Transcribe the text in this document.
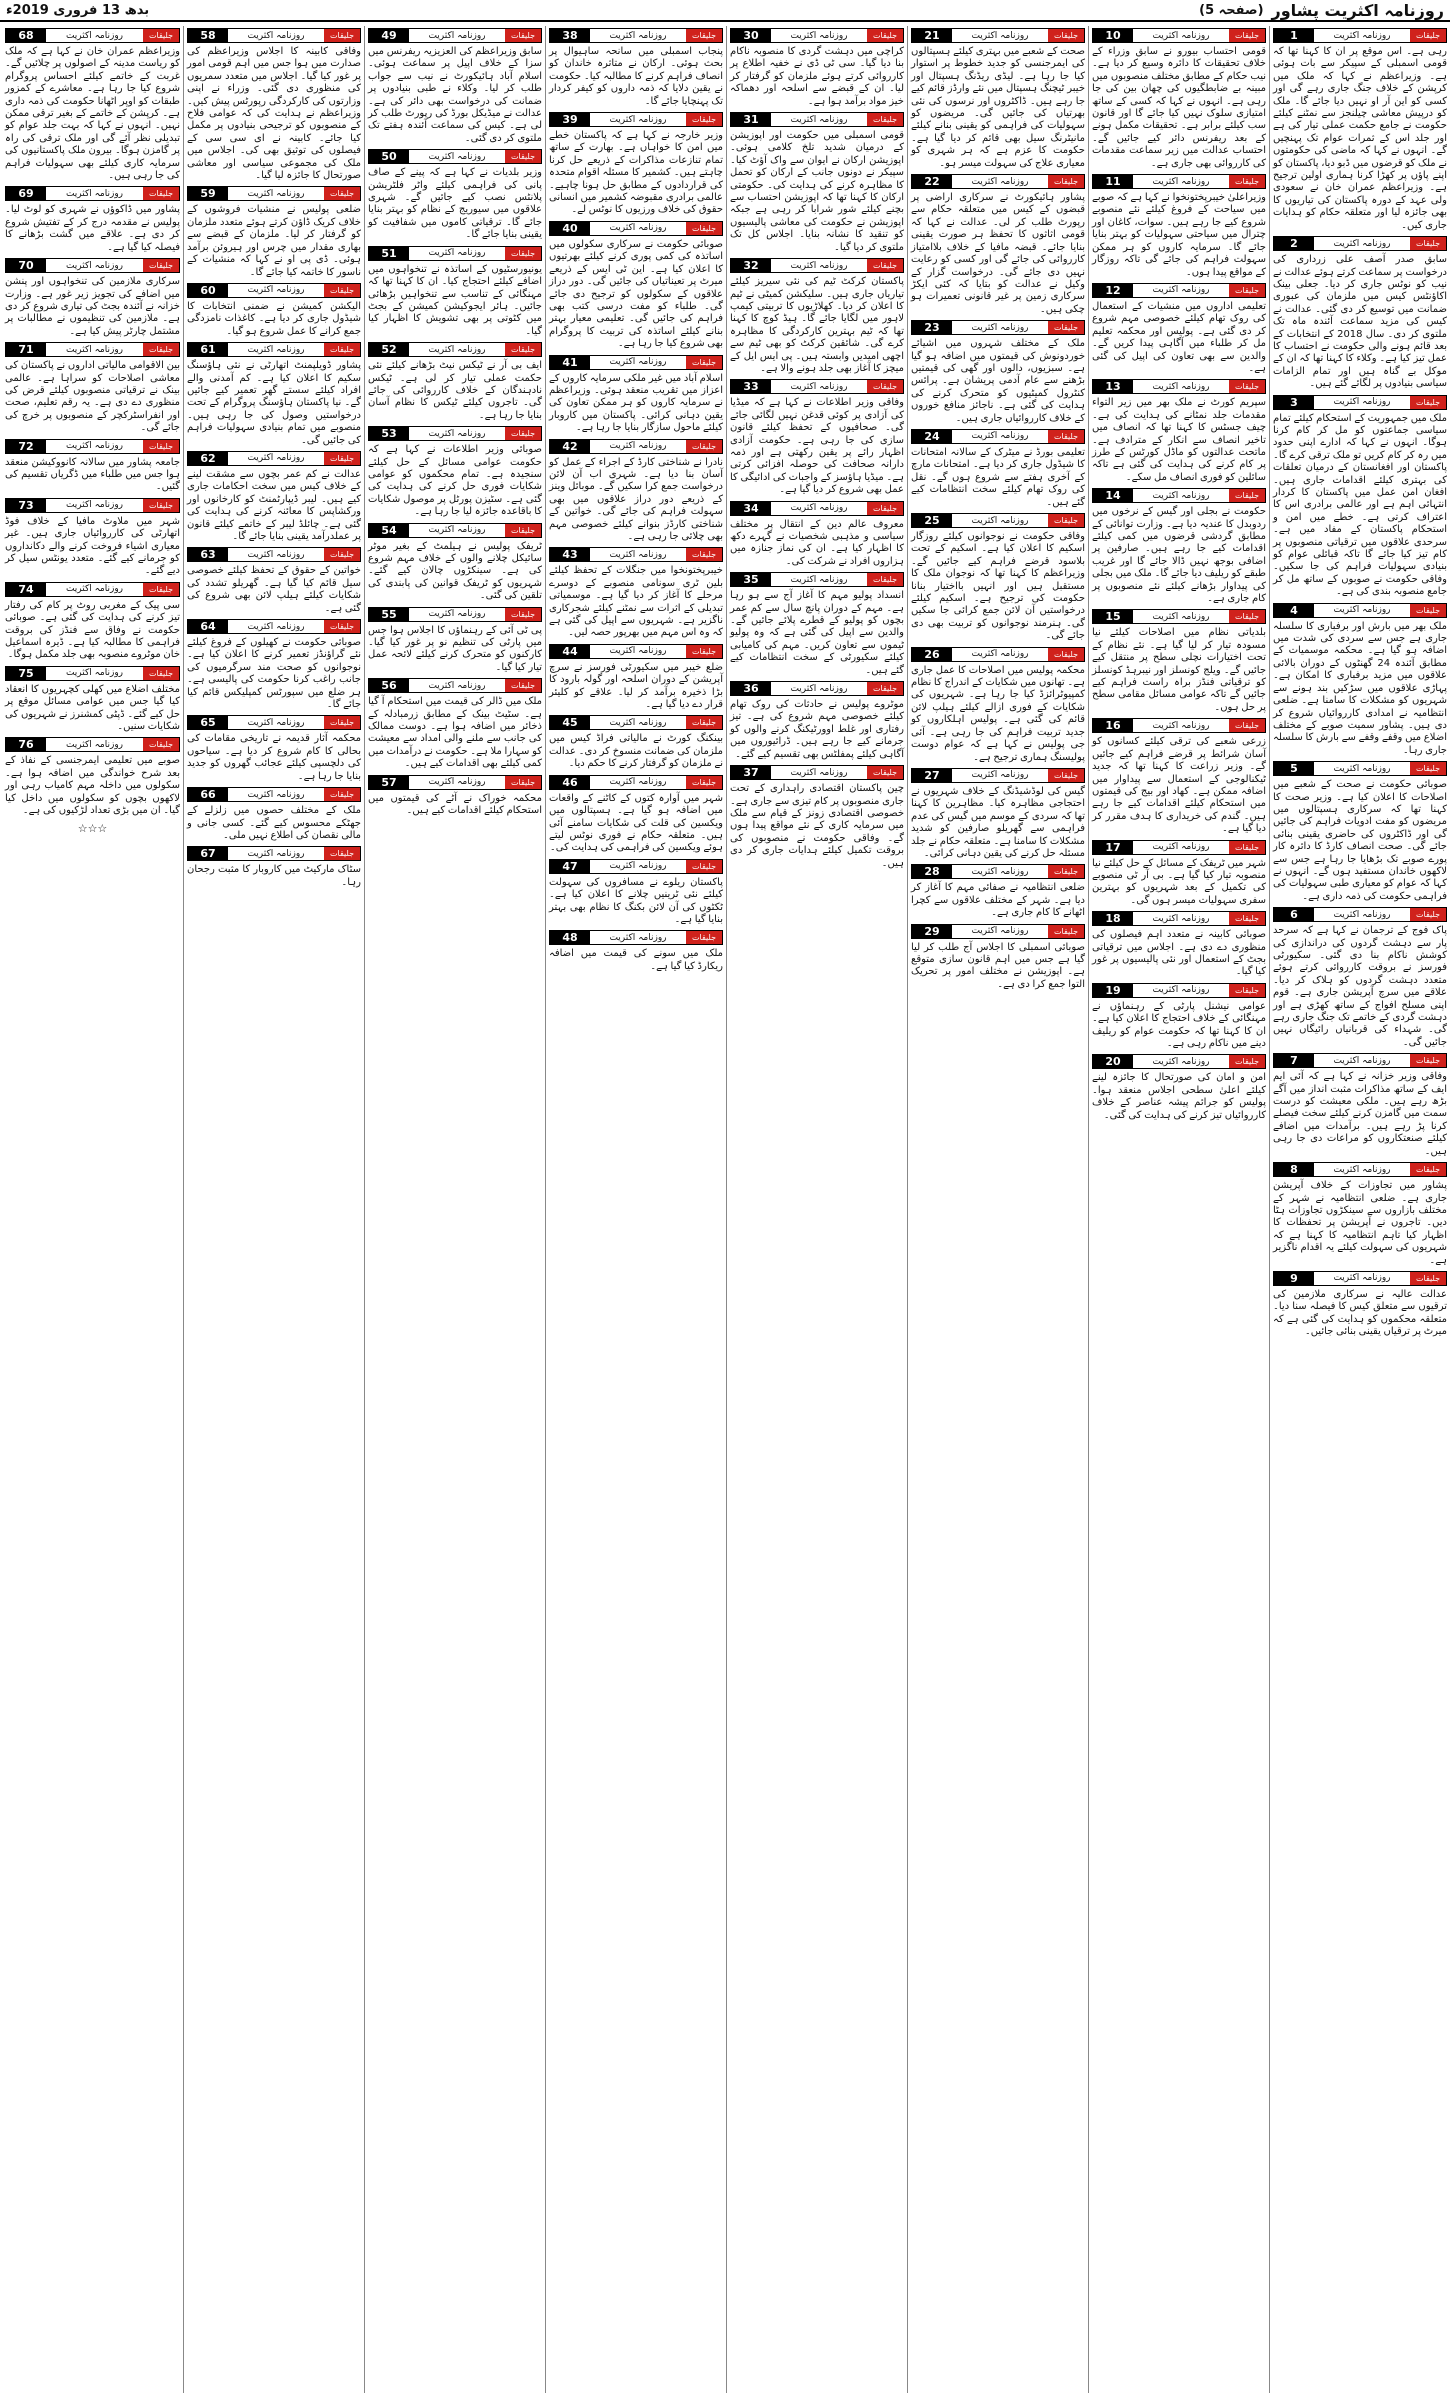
روزنامہ اکثریت پشاور
(صفحہ 5)
بدھ 13 فروری 2019ء
جلیقات
روزنامہ اکثریت
1
رہی ہے۔ اس موقع پر ان کا کہنا تھا کہ قومی اسمبلی کے سپیکر سے بات ہوئی ہے۔ وزیراعظم نے کہا کہ ملک میں کرپشن کے خلاف جنگ جاری رہے گی اور کسی کو این آر او نہیں دیا جائے گا۔ ملک کو درپیش معاشی چیلنجز سے نمٹنے کیلئے حکومت نے جامع حکمت عملی تیار کی ہے اور جلد اس کے ثمرات عوام تک پہنچیں گے۔ انہوں نے کہا کہ ماضی کی حکومتوں نے ملک کو قرضوں میں ڈبو دیا، پاکستان کو اپنے پاؤں پر کھڑا کرنا ہماری اولین ترجیح ہے۔ وزیراعظم عمران خان نے سعودی ولی عہد کے دورہ پاکستان کی تیاریوں کا بھی جائزہ لیا اور متعلقہ حکام کو ہدایات جاری کیں۔
جلیقات
روزنامہ اکثریت
2
سابق صدر آصف علی زرداری کی درخواست پر سماعت کرتے ہوئے عدالت نے نیب کو نوٹس جاری کر دیا۔ جعلی بینک اکاؤنٹس کیس میں ملزمان کی عبوری ضمانت میں توسیع کر دی گئی۔ عدالت نے کیس کی مزید سماعت آئندہ ماہ تک ملتوی کر دی۔ سال 2018 کے انتخابات کے بعد قائم ہونے والی حکومت نے احتساب کا عمل تیز کیا ہے۔ وکلاء کا کہنا تھا کہ ان کے موکل بے گناہ ہیں اور تمام الزامات سیاسی بنیادوں پر لگائے گئے ہیں۔
جلیقات
روزنامہ اکثریت
3
ملک میں جمہوریت کے استحکام کیلئے تمام سیاسی جماعتوں کو مل کر کام کرنا ہوگا۔ انہوں نے کہا کہ ادارے اپنی حدود میں رہ کر کام کریں تو ملک ترقی کرے گا۔ پاکستان اور افغانستان کے درمیان تعلقات کی بہتری کیلئے اقدامات جاری ہیں۔ افغان امن عمل میں پاکستان کا کردار انتہائی اہم ہے اور عالمی برادری اس کا اعتراف کرتی ہے۔ خطے میں امن و استحکام پاکستان کے مفاد میں ہے۔ سرحدی علاقوں میں ترقیاتی منصوبوں پر کام تیز کیا جائے گا تاکہ قبائلی عوام کو بنیادی سہولیات فراہم کی جا سکیں۔ وفاقی حکومت نے صوبوں کے ساتھ مل کر جامع منصوبہ بندی کی ہے۔
جلیقات
روزنامہ اکثریت
4
ملک بھر میں بارش اور برفباری کا سلسلہ جاری ہے جس سے سردی کی شدت میں اضافہ ہو گیا ہے۔ محکمہ موسمیات کے مطابق آئندہ 24 گھنٹوں کے دوران بالائی علاقوں میں مزید برفباری کا امکان ہے۔ پہاڑی علاقوں میں سڑکیں بند ہونے سے شہریوں کو مشکلات کا سامنا ہے۔ ضلعی انتظامیہ نے امدادی کارروائیاں شروع کر دی ہیں۔ پشاور سمیت صوبے کے مختلف اضلاع میں وقفے وقفے سے بارش کا سلسلہ جاری رہا۔
جلیقات
روزنامہ اکثریت
5
صوبائی حکومت نے صحت کے شعبے میں اصلاحات کا اعلان کیا ہے۔ وزیر صحت کا کہنا تھا کہ سرکاری ہسپتالوں میں مریضوں کو مفت ادویات فراہم کی جائیں گی اور ڈاکٹروں کی حاضری یقینی بنائی جائے گی۔ صحت انصاف کارڈ کا دائرہ کار پورے صوبے تک بڑھایا جا رہا ہے جس سے لاکھوں خاندان مستفید ہوں گے۔ انہوں نے کہا کہ عوام کو معیاری طبی سہولیات کی فراہمی حکومت کی ذمہ داری ہے۔
جلیقات
روزنامہ اکثریت
6
پاک فوج کے ترجمان نے کہا ہے کہ سرحد پار سے دہشت گردوں کی دراندازی کی کوشش ناکام بنا دی گئی۔ سکیورٹی فورسز نے بروقت کارروائی کرتے ہوئے متعدد دہشت گردوں کو ہلاک کر دیا۔ علاقے میں سرچ آپریشن جاری ہے۔ قوم اپنی مسلح افواج کے ساتھ کھڑی ہے اور دہشت گردی کے خاتمے تک جنگ جاری رہے گی۔ شہداء کی قربانیاں رائیگاں نہیں جائیں گی۔
جلیقات
روزنامہ اکثریت
7
وفاقی وزیر خزانہ نے کہا ہے کہ آئی ایم ایف کے ساتھ مذاکرات مثبت انداز میں آگے بڑھ رہے ہیں۔ ملکی معیشت کو درست سمت میں گامزن کرنے کیلئے سخت فیصلے کرنا پڑ رہے ہیں۔ برآمدات میں اضافے کیلئے صنعتکاروں کو مراعات دی جا رہی ہیں۔
جلیقات
روزنامہ اکثریت
8
پشاور میں تجاوزات کے خلاف آپریشن جاری ہے۔ ضلعی انتظامیہ نے شہر کے مختلف بازاروں سے سینکڑوں تجاوزات ہٹا دیں۔ تاجروں نے آپریشن پر تحفظات کا اظہار کیا تاہم انتظامیہ کا کہنا ہے کہ شہریوں کی سہولت کیلئے یہ اقدام ناگزیر ہے۔
جلیقات
روزنامہ اکثریت
9
عدالت عالیہ نے سرکاری ملازمین کی ترقیوں سے متعلق کیس کا فیصلہ سنا دیا۔ متعلقہ محکموں کو ہدایت کی گئی ہے کہ میرٹ پر ترقیاں یقینی بنائی جائیں۔
جلیقات
روزنامہ اکثریت
10
قومی احتساب بیورو نے سابق وزراء کے خلاف تحقیقات کا دائرہ وسیع کر دیا ہے۔ نیب حکام کے مطابق مختلف منصوبوں میں مبینہ بے ضابطگیوں کی چھان بین کی جا رہی ہے۔ انہوں نے کہا کہ کسی کے ساتھ امتیازی سلوک نہیں کیا جائے گا اور قانون سب کیلئے برابر ہے۔ تحقیقات مکمل ہونے کے بعد ریفرنس دائر کیے جائیں گے۔ احتساب عدالت میں زیر سماعت مقدمات کی کارروائی بھی جاری ہے۔
جلیقات
روزنامہ اکثریت
11
وزیراعلیٰ خیبرپختونخوا نے کہا ہے کہ صوبے میں سیاحت کے فروغ کیلئے نئے منصوبے شروع کیے جا رہے ہیں۔ سوات، کاغان اور چترال میں سیاحتی سہولیات کو بہتر بنایا جائے گا۔ سرمایہ کاروں کو ہر ممکن سہولت فراہم کی جائے گی تاکہ روزگار کے مواقع پیدا ہوں۔
جلیقات
روزنامہ اکثریت
12
تعلیمی اداروں میں منشیات کے استعمال کی روک تھام کیلئے خصوصی مہم شروع کر دی گئی ہے۔ پولیس اور محکمہ تعلیم مل کر طلباء میں آگاہی پیدا کریں گے۔ والدین سے بھی تعاون کی اپیل کی گئی ہے۔
جلیقات
روزنامہ اکثریت
13
سپریم کورٹ نے ملک بھر میں زیر التواء مقدمات جلد نمٹانے کی ہدایت کی ہے۔ چیف جسٹس کا کہنا تھا کہ انصاف میں تاخیر انصاف سے انکار کے مترادف ہے۔ ماتحت عدالتوں کو ماڈل کورٹس کے طرز پر کام کرنے کی ہدایت کی گئی ہے تاکہ سائلین کو فوری انصاف مل سکے۔
جلیقات
روزنامہ اکثریت
14
حکومت نے بجلی اور گیس کے نرخوں میں ردوبدل کا عندیہ دیا ہے۔ وزارت توانائی کے مطابق گردشی قرضوں میں کمی کیلئے اقدامات کیے جا رہے ہیں۔ صارفین پر اضافی بوجھ نہیں ڈالا جائے گا اور غریب طبقے کو ریلیف دیا جائے گا۔ ملک میں بجلی کی پیداوار بڑھانے کیلئے نئے منصوبوں پر کام جاری ہے۔
جلیقات
روزنامہ اکثریت
15
بلدیاتی نظام میں اصلاحات کیلئے نیا مسودہ تیار کر لیا گیا ہے۔ نئے نظام کے تحت اختیارات نچلی سطح پر منتقل کیے جائیں گے۔ ویلج کونسلز اور نیبرہڈ کونسلز کو ترقیاتی فنڈز براہ راست فراہم کیے جائیں گے تاکہ عوامی مسائل مقامی سطح پر حل ہوں۔
جلیقات
روزنامہ اکثریت
16
زرعی شعبے کی ترقی کیلئے کسانوں کو آسان شرائط پر قرضے فراہم کیے جائیں گے۔ وزیر زراعت کا کہنا تھا کہ جدید ٹیکنالوجی کے استعمال سے پیداوار میں اضافہ ممکن ہے۔ کھاد اور بیج کی قیمتوں میں استحکام کیلئے اقدامات کیے جا رہے ہیں۔ گندم کی خریداری کا ہدف مقرر کر دیا گیا ہے۔
جلیقات
روزنامہ اکثریت
17
شہر میں ٹریفک کے مسائل کے حل کیلئے نیا منصوبہ تیار کیا گیا ہے۔ بی آر ٹی منصوبے کی تکمیل کے بعد شہریوں کو بہترین سفری سہولیات میسر ہوں گی۔
جلیقات
روزنامہ اکثریت
18
صوبائی کابینہ نے متعدد اہم فیصلوں کی منظوری دے دی ہے۔ اجلاس میں ترقیاتی بجٹ کے استعمال اور نئی پالیسیوں پر غور کیا گیا۔
جلیقات
روزنامہ اکثریت
19
عوامی نیشنل پارٹی کے رہنماؤں نے مہنگائی کے خلاف احتجاج کا اعلان کیا ہے۔ ان کا کہنا تھا کہ حکومت عوام کو ریلیف دینے میں ناکام رہی ہے۔
جلیقات
روزنامہ اکثریت
20
امن و امان کی صورتحال کا جائزہ لینے کیلئے اعلیٰ سطحی اجلاس منعقد ہوا۔ پولیس کو جرائم پیشہ عناصر کے خلاف کارروائیاں تیز کرنے کی ہدایت کی گئی۔
جلیقات
روزنامہ اکثریت
21
صحت کے شعبے میں بہتری کیلئے ہسپتالوں کی ایمرجنسی کو جدید خطوط پر استوار کیا جا رہا ہے۔ لیڈی ریڈنگ ہسپتال اور خیبر ٹیچنگ ہسپتال میں نئے وارڈز قائم کیے جا رہے ہیں۔ ڈاکٹروں اور نرسوں کی نئی بھرتیاں کی جائیں گی۔ مریضوں کو سہولیات کی فراہمی کو یقینی بنانے کیلئے مانیٹرنگ سیل بھی قائم کر دیا گیا ہے۔ حکومت کا عزم ہے کہ ہر شہری کو معیاری علاج کی سہولت میسر ہو۔
جلیقات
روزنامہ اکثریت
22
پشاور ہائیکورٹ نے سرکاری اراضی پر قبضوں کے کیس میں متعلقہ حکام سے رپورٹ طلب کر لی۔ عدالت نے کہا کہ قومی اثاثوں کا تحفظ ہر صورت یقینی بنایا جائے۔ قبضہ مافیا کے خلاف بلاامتیاز کارروائی کی جائے گی اور کسی کو رعایت نہیں دی جائے گی۔ درخواست گزار کے وکیل نے عدالت کو بتایا کہ کئی ایکڑ سرکاری زمین پر غیر قانونی تعمیرات ہو چکی ہیں۔
جلیقات
روزنامہ اکثریت
23
ملک کے مختلف شہروں میں اشیائے خوردونوش کی قیمتوں میں اضافہ ہو گیا ہے۔ سبزیوں، دالوں اور گھی کی قیمتیں بڑھنے سے عام آدمی پریشان ہے۔ پرائس کنٹرول کمیٹیوں کو متحرک کرنے کی ہدایت کی گئی ہے۔ ناجائز منافع خوروں کے خلاف کارروائیاں جاری ہیں۔
جلیقات
روزنامہ اکثریت
24
تعلیمی بورڈ نے میٹرک کے سالانہ امتحانات کا شیڈول جاری کر دیا ہے۔ امتحانات مارچ کے آخری ہفتے سے شروع ہوں گے۔ نقل کی روک تھام کیلئے سخت انتظامات کیے گئے ہیں۔
جلیقات
روزنامہ اکثریت
25
وفاقی حکومت نے نوجوانوں کیلئے روزگار اسکیم کا اعلان کیا ہے۔ اسکیم کے تحت بلاسود قرضے فراہم کیے جائیں گے۔ وزیراعظم کا کہنا تھا کہ نوجوان ملک کا مستقبل ہیں اور انہیں بااختیار بنانا حکومت کی ترجیح ہے۔ اسکیم کیلئے درخواستیں آن لائن جمع کرائی جا سکیں گی۔ ہنرمند نوجوانوں کو تربیت بھی دی جائے گی۔
جلیقات
روزنامہ اکثریت
26
محکمہ پولیس میں اصلاحات کا عمل جاری ہے۔ تھانوں میں شکایات کے اندراج کا نظام کمپیوٹرائزڈ کیا جا رہا ہے۔ شہریوں کی شکایات کے فوری ازالے کیلئے ہیلپ لائن قائم کی گئی ہے۔ پولیس اہلکاروں کو جدید تربیت فراہم کی جا رہی ہے۔ آئی جی پولیس نے کہا ہے کہ عوام دوست پولیسنگ ہماری ترجیح ہے۔
جلیقات
روزنامہ اکثریت
27
گیس کی لوڈشیڈنگ کے خلاف شہریوں نے احتجاجی مظاہرہ کیا۔ مظاہرین کا کہنا تھا کہ سردی کے موسم میں گیس کی عدم فراہمی سے گھریلو صارفین کو شدید مشکلات کا سامنا ہے۔ متعلقہ حکام نے جلد مسئلہ حل کرنے کی یقین دہانی کرائی۔
جلیقات
روزنامہ اکثریت
28
ضلعی انتظامیہ نے صفائی مہم کا آغاز کر دیا ہے۔ شہر کے مختلف علاقوں سے کچرا اٹھانے کا کام جاری ہے۔
جلیقات
روزنامہ اکثریت
29
صوبائی اسمبلی کا اجلاس آج طلب کر لیا گیا ہے جس میں اہم قانون سازی متوقع ہے۔ اپوزیشن نے مختلف امور پر تحریک التوا جمع کرا دی ہے۔
جلیقات
روزنامہ اکثریت
30
کراچی میں دہشت گردی کا منصوبہ ناکام بنا دیا گیا۔ سی ٹی ڈی نے خفیہ اطلاع پر کارروائی کرتے ہوئے ملزمان کو گرفتار کر لیا۔ ان کے قبضے سے اسلحہ اور دھماکہ خیز مواد برآمد ہوا ہے۔
جلیقات
روزنامہ اکثریت
31
قومی اسمبلی میں حکومت اور اپوزیشن کے درمیان شدید تلخ کلامی ہوئی۔ اپوزیشن ارکان نے ایوان سے واک آؤٹ کیا۔ سپیکر نے دونوں جانب کے ارکان کو تحمل کا مظاہرہ کرنے کی ہدایت کی۔ حکومتی ارکان کا کہنا تھا کہ اپوزیشن احتساب سے بچنے کیلئے شور شرابا کر رہی ہے جبکہ اپوزیشن نے حکومت کی معاشی پالیسیوں کو تنقید کا نشانہ بنایا۔ اجلاس کل تک ملتوی کر دیا گیا۔
جلیقات
روزنامہ اکثریت
32
پاکستان کرکٹ ٹیم کی نئی سیریز کیلئے تیاریاں جاری ہیں۔ سلیکشن کمیٹی نے ٹیم کا اعلان کر دیا۔ کھلاڑیوں کا تربیتی کیمپ لاہور میں لگایا جائے گا۔ ہیڈ کوچ کا کہنا تھا کہ ٹیم بہترین کارکردگی کا مظاہرہ کرے گی۔ شائقین کرکٹ کو بھی ٹیم سے اچھی امیدیں وابستہ ہیں۔ پی ایس ایل کے میچز کا آغاز بھی جلد ہونے والا ہے۔
جلیقات
روزنامہ اکثریت
33
وفاقی وزیر اطلاعات نے کہا ہے کہ میڈیا کی آزادی پر کوئی قدغن نہیں لگائی جائے گی۔ صحافیوں کے تحفظ کیلئے قانون سازی کی جا رہی ہے۔ حکومت آزادی اظہار رائے پر یقین رکھتی ہے اور ذمہ دارانہ صحافت کی حوصلہ افزائی کرتی ہے۔ میڈیا ہاؤسز کے واجبات کی ادائیگی کا عمل بھی شروع کر دیا گیا ہے۔
جلیقات
روزنامہ اکثریت
34
معروف عالم دین کے انتقال پر مختلف سیاسی و مذہبی شخصیات نے گہرے دکھ کا اظہار کیا ہے۔ ان کی نماز جنازہ میں ہزاروں افراد نے شرکت کی۔
جلیقات
روزنامہ اکثریت
35
انسداد پولیو مہم کا آغاز آج سے ہو رہا ہے۔ مہم کے دوران پانچ سال سے کم عمر بچوں کو پولیو کے قطرے پلائے جائیں گے۔ والدین سے اپیل کی گئی ہے کہ وہ پولیو ٹیموں سے تعاون کریں۔ مہم کی کامیابی کیلئے سکیورٹی کے سخت انتظامات کیے گئے ہیں۔
جلیقات
روزنامہ اکثریت
36
موٹروے پولیس نے حادثات کی روک تھام کیلئے خصوصی مہم شروع کی ہے۔ تیز رفتاری اور غلط اوورٹیکنگ کرنے والوں کو جرمانے کیے جا رہے ہیں۔ ڈرائیوروں میں آگاہی کیلئے پمفلٹس بھی تقسیم کیے گئے۔
جلیقات
روزنامہ اکثریت
37
چین پاکستان اقتصادی راہداری کے تحت جاری منصوبوں پر کام تیزی سے جاری ہے۔ خصوصی اقتصادی زونز کے قیام سے ملک میں سرمایہ کاری کے نئے مواقع پیدا ہوں گے۔ وفاقی حکومت نے منصوبوں کی بروقت تکمیل کیلئے ہدایات جاری کر دی ہیں۔
جلیقات
روزنامہ اکثریت
38
پنجاب اسمبلی میں سانحہ ساہیوال پر بحث ہوئی۔ ارکان نے متاثرہ خاندان کو انصاف فراہم کرنے کا مطالبہ کیا۔ حکومت نے یقین دلایا کہ ذمہ داروں کو کیفر کردار تک پہنچایا جائے گا۔
جلیقات
روزنامہ اکثریت
39
وزیر خارجہ نے کہا ہے کہ پاکستان خطے میں امن کا خواہاں ہے۔ بھارت کے ساتھ تمام تنازعات مذاکرات کے ذریعے حل کرنا چاہتے ہیں۔ کشمیر کا مسئلہ اقوام متحدہ کی قراردادوں کے مطابق حل ہونا چاہیے۔ عالمی برادری مقبوضہ کشمیر میں انسانی حقوق کی خلاف ورزیوں کا نوٹس لے۔
جلیقات
روزنامہ اکثریت
40
صوبائی حکومت نے سرکاری سکولوں میں اساتذہ کی کمی پوری کرنے کیلئے بھرتیوں کا اعلان کیا ہے۔ این ٹی ایس کے ذریعے میرٹ پر تعیناتیاں کی جائیں گی۔ دور دراز علاقوں کے سکولوں کو ترجیح دی جائے گی۔ طلباء کو مفت درسی کتب بھی فراہم کی جائیں گی۔ تعلیمی معیار بہتر بنانے کیلئے اساتذہ کی تربیت کا پروگرام بھی شروع کیا جا رہا ہے۔
جلیقات
روزنامہ اکثریت
41
اسلام آباد میں غیر ملکی سرمایہ کاروں کے اعزاز میں تقریب منعقد ہوئی۔ وزیراعظم نے سرمایہ کاروں کو ہر ممکن تعاون کی یقین دہانی کرائی۔ پاکستان میں کاروبار کیلئے ماحول سازگار بنایا جا رہا ہے۔
جلیقات
روزنامہ اکثریت
42
نادرا نے شناختی کارڈ کے اجراء کے عمل کو آسان بنا دیا ہے۔ شہری اب آن لائن درخواست جمع کرا سکیں گے۔ موبائل وینز کے ذریعے دور دراز علاقوں میں بھی سہولت فراہم کی جائے گی۔ خواتین کے شناختی کارڈز بنوانے کیلئے خصوصی مہم بھی چلائی جا رہی ہے۔
جلیقات
روزنامہ اکثریت
43
خیبرپختونخوا میں جنگلات کے تحفظ کیلئے بلین ٹری سونامی منصوبے کے دوسرے مرحلے کا آغاز کر دیا گیا ہے۔ موسمیاتی تبدیلی کے اثرات سے نمٹنے کیلئے شجرکاری ناگزیر ہے۔ شہریوں سے اپیل کی گئی ہے کہ وہ اس مہم میں بھرپور حصہ لیں۔
جلیقات
روزنامہ اکثریت
44
ضلع خیبر میں سکیورٹی فورسز نے سرچ آپریشن کے دوران اسلحہ اور گولہ بارود کا بڑا ذخیرہ برآمد کر لیا۔ علاقے کو کلیئر قرار دے دیا گیا ہے۔
جلیقات
روزنامہ اکثریت
45
بینکنگ کورٹ نے مالیاتی فراڈ کیس میں ملزمان کی ضمانت منسوخ کر دی۔ عدالت نے ملزمان کو گرفتار کرنے کا حکم دیا۔
جلیقات
روزنامہ اکثریت
46
شہر میں آوارہ کتوں کے کاٹنے کے واقعات میں اضافہ ہو گیا ہے۔ ہسپتالوں میں ویکسین کی قلت کی شکایات سامنے آئی ہیں۔ متعلقہ حکام نے فوری نوٹس لیتے ہوئے ویکسین کی فراہمی کی ہدایت کی۔
جلیقات
روزنامہ اکثریت
47
پاکستان ریلوے نے مسافروں کی سہولت کیلئے نئی ٹرینیں چلانے کا اعلان کیا ہے۔ ٹکٹوں کی آن لائن بکنگ کا نظام بھی بہتر بنایا گیا ہے۔
جلیقات
روزنامہ اکثریت
48
ملک میں سونے کی قیمت میں اضافہ ریکارڈ کیا گیا ہے۔
جلیقات
روزنامہ اکثریت
49
سابق وزیراعظم کی العزیزیہ ریفرنس میں سزا کے خلاف اپیل پر سماعت ہوئی۔ اسلام آباد ہائیکورٹ نے نیب سے جواب طلب کر لیا۔ وکلاء نے طبی بنیادوں پر ضمانت کی درخواست بھی دائر کی ہے۔ عدالت نے میڈیکل بورڈ کی رپورٹ طلب کر لی ہے۔ کیس کی سماعت آئندہ ہفتے تک ملتوی کر دی گئی۔
جلیقات
روزنامہ اکثریت
50
وزیر بلدیات نے کہا ہے کہ پینے کے صاف پانی کی فراہمی کیلئے واٹر فلٹریشن پلانٹس نصب کیے جائیں گے۔ شہری علاقوں میں سیوریج کے نظام کو بہتر بنایا جائے گا۔ ترقیاتی کاموں میں شفافیت کو یقینی بنایا جائے گا۔
جلیقات
روزنامہ اکثریت
51
یونیورسٹیوں کے اساتذہ نے تنخواہوں میں اضافے کیلئے احتجاج کیا۔ ان کا کہنا تھا کہ مہنگائی کے تناسب سے تنخواہیں بڑھائی جائیں۔ ہائر ایجوکیشن کمیشن کے بجٹ میں کٹوتی پر بھی تشویش کا اظہار کیا گیا۔
جلیقات
روزنامہ اکثریت
52
ایف بی آر نے ٹیکس نیٹ بڑھانے کیلئے نئی حکمت عملی تیار کر لی ہے۔ ٹیکس نادہندگان کے خلاف کارروائی کی جائے گی۔ تاجروں کیلئے ٹیکس کا نظام آسان بنایا جا رہا ہے۔
جلیقات
روزنامہ اکثریت
53
صوبائی وزیر اطلاعات نے کہا ہے کہ حکومت عوامی مسائل کے حل کیلئے سنجیدہ ہے۔ تمام محکموں کو عوامی شکایات فوری حل کرنے کی ہدایت کی گئی ہے۔ سٹیزن پورٹل پر موصول شکایات کا باقاعدہ جائزہ لیا جا رہا ہے۔
جلیقات
روزنامہ اکثریت
54
ٹریفک پولیس نے ہیلمٹ کے بغیر موٹر سائیکل چلانے والوں کے خلاف مہم شروع کی ہے۔ سینکڑوں چالان کیے گئے۔ شہریوں کو ٹریفک قوانین کی پابندی کی تلقین کی گئی۔
جلیقات
روزنامہ اکثریت
55
پی ٹی آئی کے رہنماؤں کا اجلاس ہوا جس میں پارٹی کی تنظیم نو پر غور کیا گیا۔ کارکنوں کو متحرک کرنے کیلئے لائحہ عمل تیار کیا گیا۔
جلیقات
روزنامہ اکثریت
56
ملک میں ڈالر کی قیمت میں استحکام آ گیا ہے۔ سٹیٹ بینک کے مطابق زرمبادلہ کے ذخائر میں اضافہ ہوا ہے۔ دوست ممالک کی جانب سے ملنے والی امداد سے معیشت کو سہارا ملا ہے۔ حکومت نے درآمدات میں کمی کیلئے بھی اقدامات کیے ہیں۔
جلیقات
روزنامہ اکثریت
57
محکمہ خوراک نے آٹے کی قیمتوں میں استحکام کیلئے اقدامات کیے ہیں۔
جلیقات
روزنامہ اکثریت
58
وفاقی کابینہ کا اجلاس وزیراعظم کی صدارت میں ہوا جس میں اہم قومی امور پر غور کیا گیا۔ اجلاس میں متعدد سمریوں کی منظوری دی گئی۔ وزراء نے اپنی وزارتوں کی کارکردگی رپورٹس پیش کیں۔ وزیراعظم نے ہدایت کی کہ عوامی فلاح کے منصوبوں کو ترجیحی بنیادوں پر مکمل کیا جائے۔ کابینہ نے ای سی سی کے فیصلوں کی توثیق بھی کی۔ اجلاس میں ملک کی مجموعی سیاسی اور معاشی صورتحال کا جائزہ لیا گیا۔
جلیقات
روزنامہ اکثریت
59
ضلعی پولیس نے منشیات فروشوں کے خلاف کریک ڈاؤن کرتے ہوئے متعدد ملزمان کو گرفتار کر لیا۔ ملزمان کے قبضے سے بھاری مقدار میں چرس اور ہیروئن برآمد ہوئی۔ ڈی پی او نے کہا کہ منشیات کے ناسور کا خاتمہ کیا جائے گا۔
جلیقات
روزنامہ اکثریت
60
الیکشن کمیشن نے ضمنی انتخابات کا شیڈول جاری کر دیا ہے۔ کاغذات نامزدگی جمع کرانے کا عمل شروع ہو گیا۔
جلیقات
روزنامہ اکثریت
61
پشاور ڈویلپمنٹ اتھارٹی نے نئی ہاؤسنگ سکیم کا اعلان کیا ہے۔ کم آمدنی والے افراد کیلئے سستے گھر تعمیر کیے جائیں گے۔ نیا پاکستان ہاؤسنگ پروگرام کے تحت درخواستیں وصول کی جا رہی ہیں۔ منصوبے میں تمام بنیادی سہولیات فراہم کی جائیں گی۔
جلیقات
روزنامہ اکثریت
62
عدالت نے کم عمر بچوں سے مشقت لینے کے خلاف کیس میں سخت احکامات جاری کیے ہیں۔ لیبر ڈیپارٹمنٹ کو کارخانوں اور ورکشاپس کا معائنہ کرنے کی ہدایت کی گئی ہے۔ چائلڈ لیبر کے خاتمے کیلئے قانون پر عملدرآمد یقینی بنایا جائے گا۔
جلیقات
روزنامہ اکثریت
63
خواتین کے حقوق کے تحفظ کیلئے خصوصی سیل قائم کیا گیا ہے۔ گھریلو تشدد کی شکایات کیلئے ہیلپ لائن بھی شروع کی گئی ہے۔
جلیقات
روزنامہ اکثریت
64
صوبائی حکومت نے کھیلوں کے فروغ کیلئے نئے گراؤنڈز تعمیر کرنے کا اعلان کیا ہے۔ نوجوانوں کو صحت مند سرگرمیوں کی جانب راغب کرنا حکومت کی پالیسی ہے۔ ہر ضلع میں سپورٹس کمپلیکس قائم کیا جائے گا۔
جلیقات
روزنامہ اکثریت
65
محکمہ آثار قدیمہ نے تاریخی مقامات کی بحالی کا کام شروع کر دیا ہے۔ سیاحوں کی دلچسپی کیلئے عجائب گھروں کو جدید بنایا جا رہا ہے۔
جلیقات
روزنامہ اکثریت
66
ملک کے مختلف حصوں میں زلزلے کے جھٹکے محسوس کیے گئے۔ کسی جانی و مالی نقصان کی اطلاع نہیں ملی۔
جلیقات
روزنامہ اکثریت
67
سٹاک مارکیٹ میں کاروبار کا مثبت رجحان رہا۔
جلیقات
روزنامہ اکثریت
68
وزیراعظم عمران خان نے کہا ہے کہ ملک کو ریاست مدینہ کے اصولوں پر چلائیں گے۔ غربت کے خاتمے کیلئے احساس پروگرام شروع کیا جا رہا ہے۔ معاشرے کے کمزور طبقات کو اوپر اٹھانا حکومت کی ذمہ داری ہے۔ کرپشن کے خاتمے کے بغیر ترقی ممکن نہیں۔ انہوں نے کہا کہ بہت جلد عوام کو تبدیلی نظر آئے گی اور ملک ترقی کی راہ پر گامزن ہوگا۔ بیرون ملک پاکستانیوں کی سرمایہ کاری کیلئے بھی سہولیات فراہم کی جا رہی ہیں۔
جلیقات
روزنامہ اکثریت
69
پشاور میں ڈاکوؤں نے شہری کو لوٹ لیا۔ پولیس نے مقدمہ درج کر کے تفتیش شروع کر دی ہے۔ علاقے میں گشت بڑھانے کا فیصلہ کیا گیا ہے۔
جلیقات
روزنامہ اکثریت
70
سرکاری ملازمین کی تنخواہوں اور پنشن میں اضافے کی تجویز زیر غور ہے۔ وزارت خزانہ نے آئندہ بجٹ کی تیاری شروع کر دی ہے۔ ملازمین کی تنظیموں نے مطالبات پر مشتمل چارٹر پیش کیا ہے۔
جلیقات
روزنامہ اکثریت
71
بین الاقوامی مالیاتی اداروں نے پاکستان کی معاشی اصلاحات کو سراہا ہے۔ عالمی بینک نے ترقیاتی منصوبوں کیلئے قرض کی منظوری دے دی ہے۔ یہ رقم تعلیم، صحت اور انفراسٹرکچر کے منصوبوں پر خرچ کی جائے گی۔
جلیقات
روزنامہ اکثریت
72
جامعہ پشاور میں سالانہ کانووکیشن منعقد ہوا جس میں طلباء میں ڈگریاں تقسیم کی گئیں۔
جلیقات
روزنامہ اکثریت
73
شہر میں ملاوٹ مافیا کے خلاف فوڈ اتھارٹی کی کارروائیاں جاری ہیں۔ غیر معیاری اشیاء فروخت کرنے والے دکانداروں کو جرمانے کیے گئے۔ متعدد یونٹس سیل کر دیے گئے۔
جلیقات
روزنامہ اکثریت
74
سی پیک کے مغربی روٹ پر کام کی رفتار تیز کرنے کی ہدایت کی گئی ہے۔ صوبائی حکومت نے وفاق سے فنڈز کی بروقت فراہمی کا مطالبہ کیا ہے۔ ڈیرہ اسماعیل خان موٹروے منصوبہ بھی جلد مکمل ہوگا۔
جلیقات
روزنامہ اکثریت
75
مختلف اضلاع میں کھلی کچہریوں کا انعقاد کیا گیا جس میں عوامی مسائل موقع پر حل کیے گئے۔ ڈپٹی کمشنرز نے شہریوں کی شکایات سنیں۔
جلیقات
روزنامہ اکثریت
76
صوبے میں تعلیمی ایمرجنسی کے نفاذ کے بعد شرح خواندگی میں اضافہ ہوا ہے۔ سکولوں میں داخلہ مہم کامیاب رہی اور لاکھوں بچوں کو سکولوں میں داخل کیا گیا۔ ان میں بڑی تعداد لڑکیوں کی ہے۔
☆☆☆
